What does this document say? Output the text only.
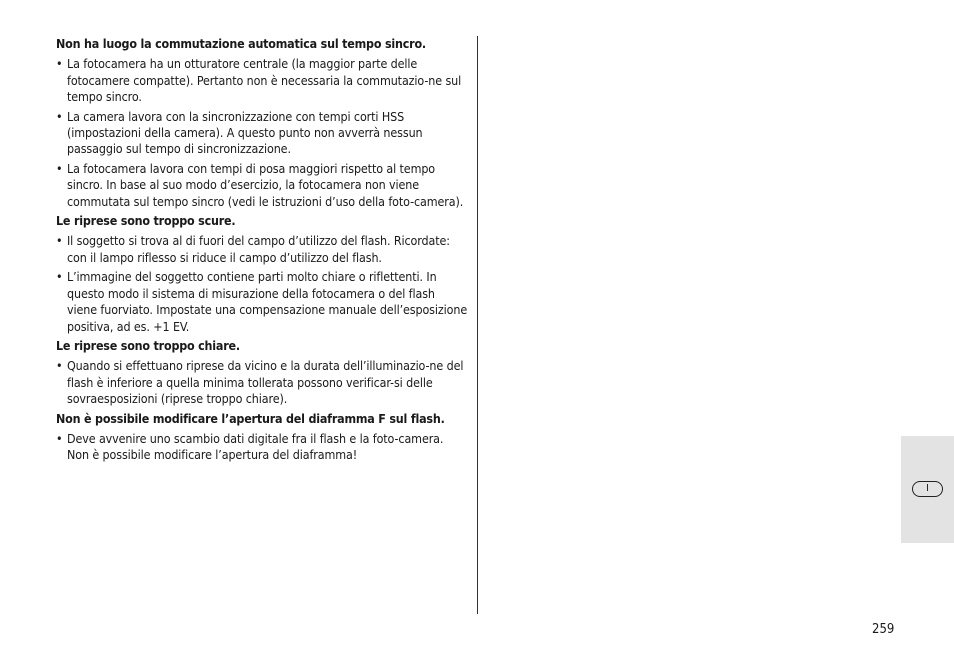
Non ha luogo la commutazione automatica sul tempo sincro.

• La fotocamera ha un otturatore centrale (la maggior parte delle fotocamere compatte). Pertanto non è necessaria la commutazio-ne sul tempo sincro.
• La camera lavora con la sincronizzazione con tempi corti HSS (impostazioni della camera). A questo punto non avverrà nessun passaggio sul tempo di sincronizzazione.
• La fotocamera lavora con tempi di posa maggiori rispetto al tempo sincro. In base al suo modo d’esercizio, la fotocamera non viene commutata sul tempo sincro (vedi le istruzioni d’uso della foto-camera).

Le riprese sono troppo scure.

• Il soggetto si trova al di fuori del campo d’utilizzo del flash. Ricordate: con il lampo riflesso si riduce il campo d’utilizzo del flash.
• L’immagine del soggetto contiene parti molto chiare o riflettenti. In questo modo il sistema di misurazione della fotocamera o del flash viene fuorviato. Impostate una compensazione manuale dell’esposizione positiva, ad es. +1 EV.

Le riprese sono troppo chiare.

• Quando si effettuano riprese da vicino e la durata dell’illuminazio-ne del flash è inferiore a quella minima tollerata possono verificar-si delle sovraesposizioni (riprese troppo chiare).

Non è possibile modificare l’apertura del diaframma F sul flash.

• Deve avvenire uno scambio dati digitale fra il flash e la foto-camera. Non è possibile modificare l’apertura del diaframma!
I
259
